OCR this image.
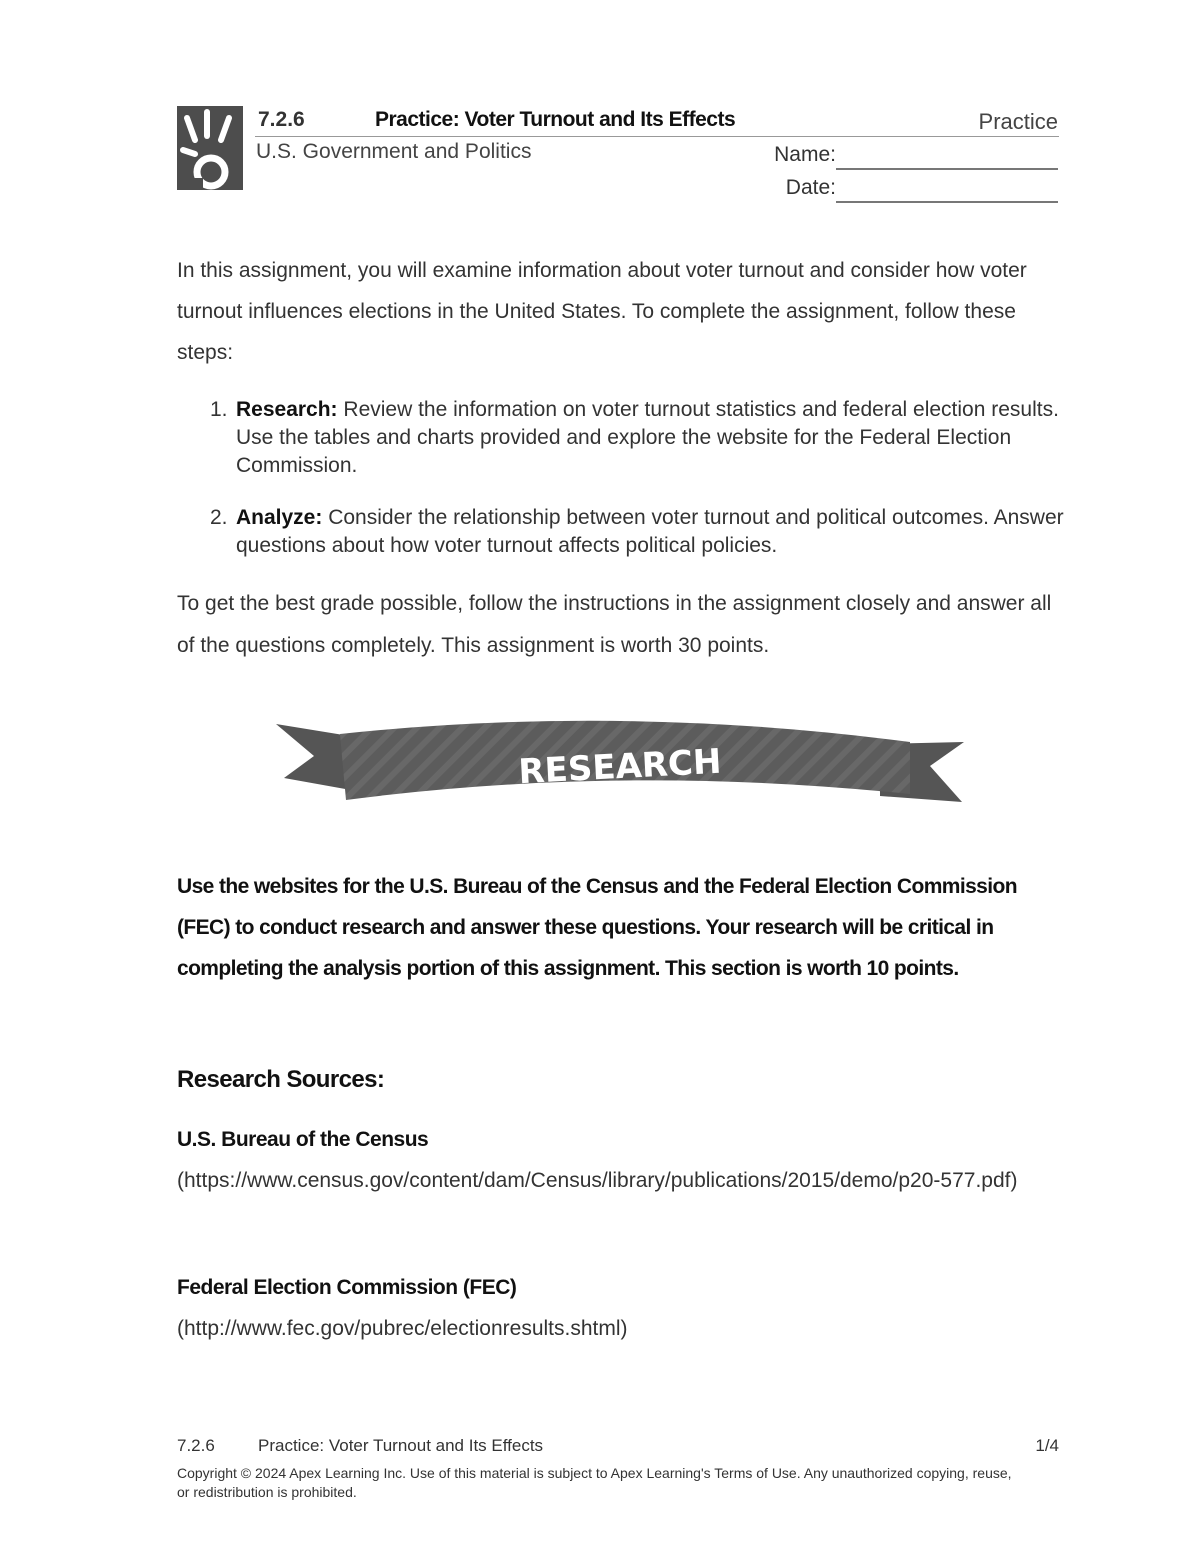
7.2.6	Practice: Voter Turnout and Its Effects	Practice
U.S. Government and Politics	Name:
Date:
In this assignment, you will examine information about voter turnout and consider how voter turnout influences elections in the United States. To complete the assignment, follow these steps:
1. Research: Review the information on voter turnout statistics and federal election results. Use the tables and charts provided and explore the website for the Federal Election Commission.
2. Analyze: Consider the relationship between voter turnout and political outcomes. Answer questions about how voter turnout affects political policies.
To get the best grade possible, follow the instructions in the assignment closely and answer all of the questions completely. This assignment is worth 30 points.
RESEARCH
Use the websites for the U.S. Bureau of the Census and the Federal Election Commission (FEC) to conduct research and answer these questions. Your research will be critical in completing the analysis portion of this assignment. This section is worth 10 points.
Research Sources:
U.S. Bureau of the Census
(https://www.census.gov/content/dam/Census/library/publications/2015/demo/p20-577.pdf)
Federal Election Commission (FEC)
(http://www.fec.gov/pubrec/electionresults.shtml)
7.2.6	Practice: Voter Turnout and Its Effects	1/4
Copyright © 2024 Apex Learning Inc. Use of this material is subject to Apex Learning's Terms of Use. Any unauthorized copying, reuse, or redistribution is prohibited.
